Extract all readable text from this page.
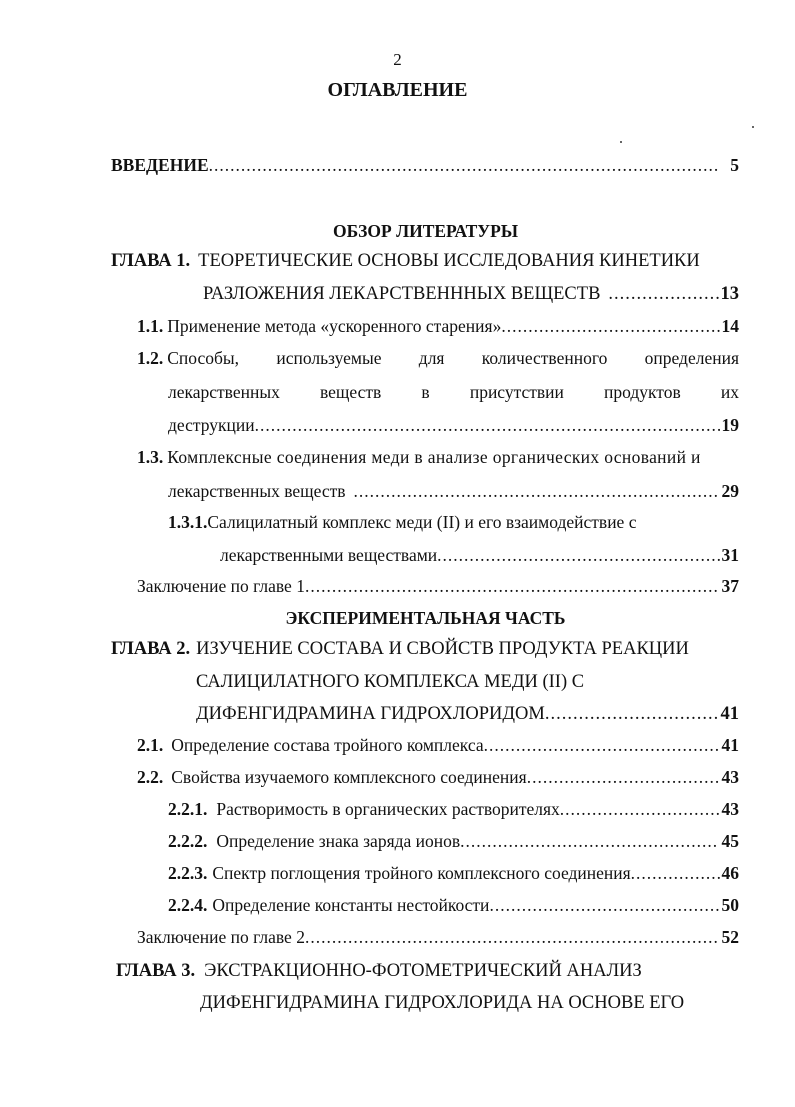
2
ОГЛАВЛЕНИЕ
ВВЕДЕНИЕ .....	5
ОБЗОР ЛИТЕРАТУРЫ
ГЛАВА 1. ТЕОРЕТИЧЕСКИЕ ОСНОВЫ ИССЛЕДОВАНИЯ КИНЕТИКИ
РАЗЛОЖЕНИЯ ЛЕКАРСТВЕНННЫХ ВЕЩЕСТВ .....	13
1.1. Применение метода «ускоренного старения» .....	14
1.2. Способы, используемые для количественного определения
лекарственных веществ в присутствии продуктов их
деструкции .....	19
1.3. Комплексные соединения меди в анализе органических оснований и
лекарственных веществ .....	29
1.3.1. Салицилатный комплекс меди (II) и его взаимодействие с
лекарственными веществами .....	31
Заключение по главе 1 .....	37
ЭКСПЕРИМЕНТАЛЬНАЯ ЧАСТЬ
ГЛАВА 2. ИЗУЧЕНИЕ СОСТАВА И СВОЙСТВ ПРОДУКТА РЕАКЦИИ
САЛИЦИЛАТНОГО КОМПЛЕКСА МЕДИ (II) С
ДИФЕНГИДРАМИНА ГИДРОХЛОРИДОМ .....	41
2.1. Определение состава тройного комплекса .....	41
2.2. Свойства изучаемого комплексного соединения .....	43
2.2.1. Растворимость в органических растворителях .....	43
2.2.2. Определение знака заряда ионов .....	45
2.2.3. Спектр поглощения тройного комплексного соединения .....	46
2.2.4. Определение константы нестойкости .....	50
Заключение по главе 2 .....	52
ГЛАВА 3. ЭКСТРАКЦИОННО-ФОТОМЕТРИЧЕСКИЙ АНАЛИЗ
ДИФЕНГИДРАМИНА ГИДРОХЛОРИДА НА ОСНОВЕ ЕГО
